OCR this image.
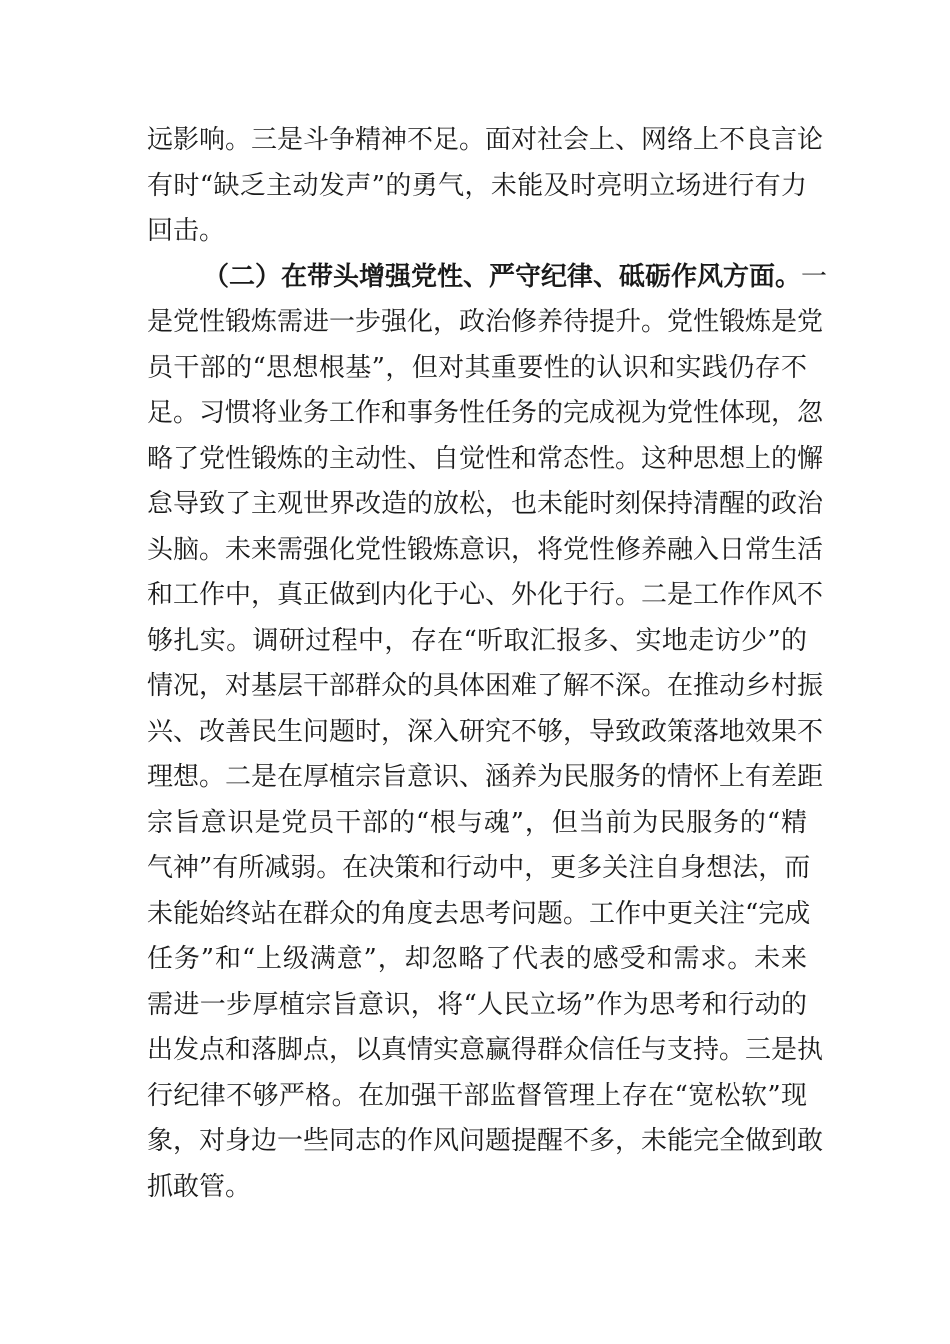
远影响。三是斗争精神不足。面对社会上、网络上不良言论
有时“缺乏主动发声”的勇气，未能及时亮明立场进行有力
回击。
（二）在带头增强党性、严守纪律、砥砺作风方面。一
是党性锻炼需进一步强化，政治修养待提升。党性锻炼是党
员干部的“思想根基”，但对其重要性的认识和实践仍存不
足。习惯将业务工作和事务性任务的完成视为党性体现，忽
略了党性锻炼的主动性、自觉性和常态性。这种思想上的懈
怠导致了主观世界改造的放松，也未能时刻保持清醒的政治
头脑。未来需强化党性锻炼意识，将党性修养融入日常生活
和工作中，真正做到内化于心、外化于行。二是工作作风不
够扎实。调研过程中，存在“听取汇报多、实地走访少”的
情况，对基层干部群众的具体困难了解不深。在推动乡村振
兴、改善民生问题时，深入研究不够，导致政策落地效果不
理想。二是在厚植宗旨意识、涵养为民服务的情怀上有差距
宗旨意识是党员干部的“根与魂”，但当前为民服务的“精
气神”有所减弱。在决策和行动中，更多关注自身想法，而
未能始终站在群众的角度去思考问题。工作中更关注“完成
任务”和“上级满意”，却忽略了代表的感受和需求。未来
需进一步厚植宗旨意识，将“人民立场”作为思考和行动的
出发点和落脚点，以真情实意赢得群众信任与支持。三是执
行纪律不够严格。在加强干部监督管理上存在“宽松软”现
象，对身边一些同志的作风问题提醒不多，未能完全做到敢
抓敢管。
